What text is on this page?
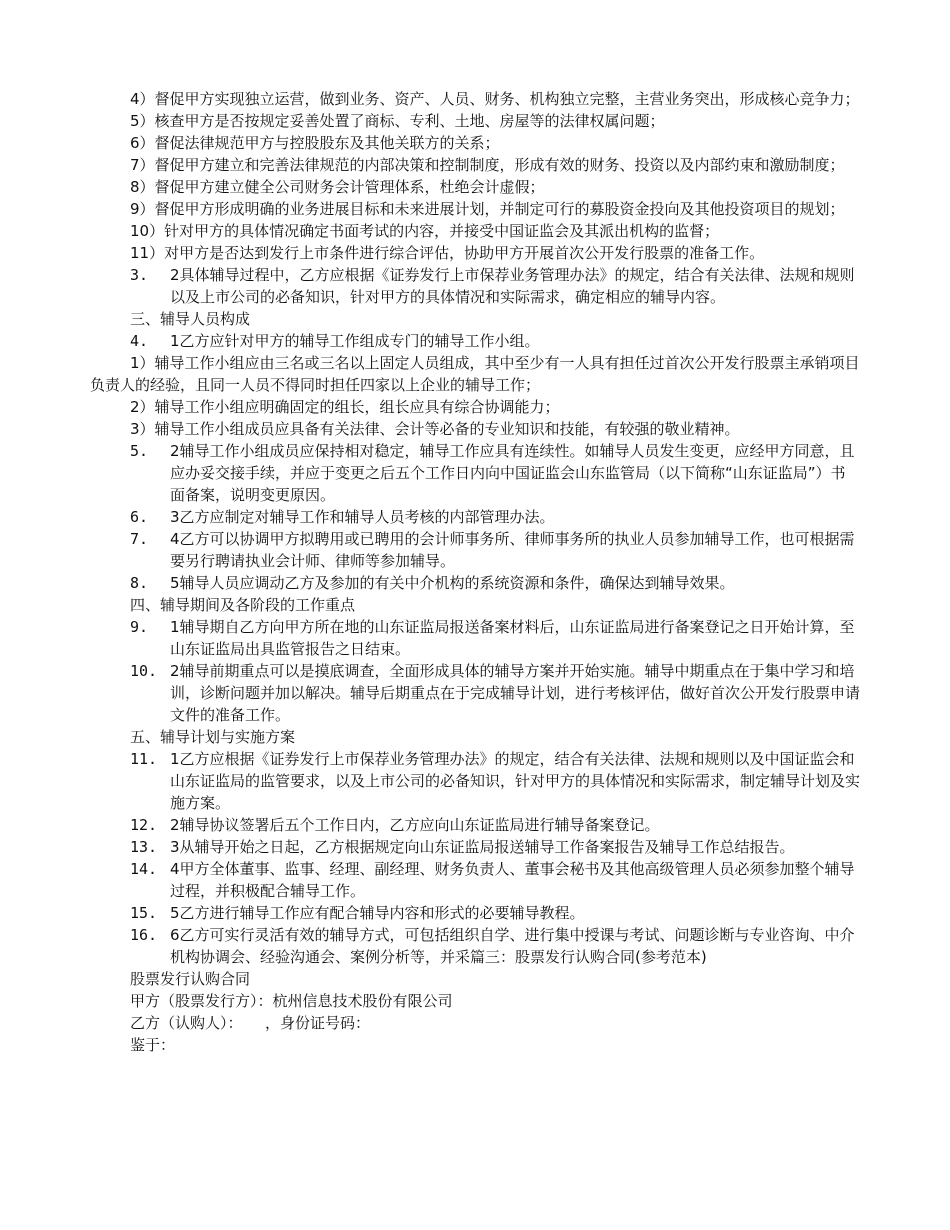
4）督促甲方实现独立运营，做到业务、资产、人员、财务、机构独立完整，主营业务突出，形成核心竞争力；
5）核查甲方是否按规定妥善处置了商标、专利、土地、房屋等的法律权属问题；
6）督促法律规范甲方与控股股东及其他关联方的关系；
7）督促甲方建立和完善法律规范的内部决策和控制制度，形成有效的财务、投资以及内部约束和激励制度；
8）督促甲方建立健全公司财务会计管理体系，杜绝会计虚假；
9）督促甲方形成明确的业务进展目标和未来进展计划，并制定可行的募股资金投向及其他投资项目的规划；
10）针对甲方的具体情况确定书面考试的内容，并接受中国证监会及其派出机构的监督；
11）对甲方是否达到发行上市条件进行综合评估，协助甲方开展首次公开发行股票的准备工作。
3.	2具体辅导过程中，乙方应根据《证券发行上市保荐业务管理办法》的规定，结合有关法律、法规和规则以及上市公司的必备知识，针对甲方的具体情况和实际需求，确定相应的辅导内容。
三、辅导人员构成
4.	1乙方应针对甲方的辅导工作组成专门的辅导工作小组。
1）辅导工作小组应由三名或三名以上固定人员组成，其中至少有一人具有担任过首次公开发行股票主承销项目负责人的经验，且同一人员不得同时担任四家以上企业的辅导工作；
2）辅导工作小组应明确固定的组长，组长应具有综合协调能力；
3）辅导工作小组成员应具备有关法律、会计等必备的专业知识和技能，有较强的敬业精神。
5.	2辅导工作小组成员应保持相对稳定，辅导工作应具有连续性。如辅导人员发生变更，应经甲方同意，且应办妥交接手续，并应于变更之后五个工作日内向中国证监会山东监管局（以下简称“山东证监局”）书面备案，说明变更原因。
6.	3乙方应制定对辅导工作和辅导人员考核的内部管理办法。
7.	4乙方可以协调甲方拟聘用或已聘用的会计师事务所、律师事务所的执业人员参加辅导工作，也可根据需要另行聘请执业会计师、律师等参加辅导。
8.	5辅导人员应调动乙方及参加的有关中介机构的系统资源和条件，确保达到辅导效果。
四、辅导期间及各阶段的工作重点
9.	1辅导期自乙方向甲方所在地的山东证监局报送备案材料后，山东证监局进行备案登记之日开始计算，至山东证监局出具监管报告之日结束。
10. 2辅导前期重点可以是摸底调查，全面形成具体的辅导方案并开始实施。辅导中期重点在于集中学习和培训，诊断问题并加以解决。辅导后期重点在于完成辅导计划，进行考核评估，做好首次公开发行股票申请文件的准备工作。
五、辅导计划与实施方案
11. 1乙方应根据《证券发行上市保荐业务管理办法》的规定，结合有关法律、法规和规则以及中国证监会和山东证监局的监管要求，以及上市公司的必备知识，针对甲方的具体情况和实际需求，制定辅导计划及实施方案。
12. 2辅导协议签署后五个工作日内，乙方应向山东证监局进行辅导备案登记。
13. 3从辅导开始之日起，乙方根据规定向山东证监局报送辅导工作备案报告及辅导工作总结报告。
14. 4甲方全体董事、监事、经理、副经理、财务负责人、董事会秘书及其他高级管理人员必须参加整个辅导过程，并积极配合辅导工作。
15. 5乙方进行辅导工作应有配合辅导内容和形式的必要辅导教程。
16. 6乙方可实行灵活有效的辅导方式，可包括组织自学、进行集中授课与考试、问题诊断与专业咨询、中介机构协调会、经验沟通会、案例分析等，并采篇三：股票发行认购合同(参考范本)
股票发行认购合同
甲方（股票发行方）：杭州信息技术股份有限公司
乙方（认购人）：　　，身份证号码：
鉴于：
